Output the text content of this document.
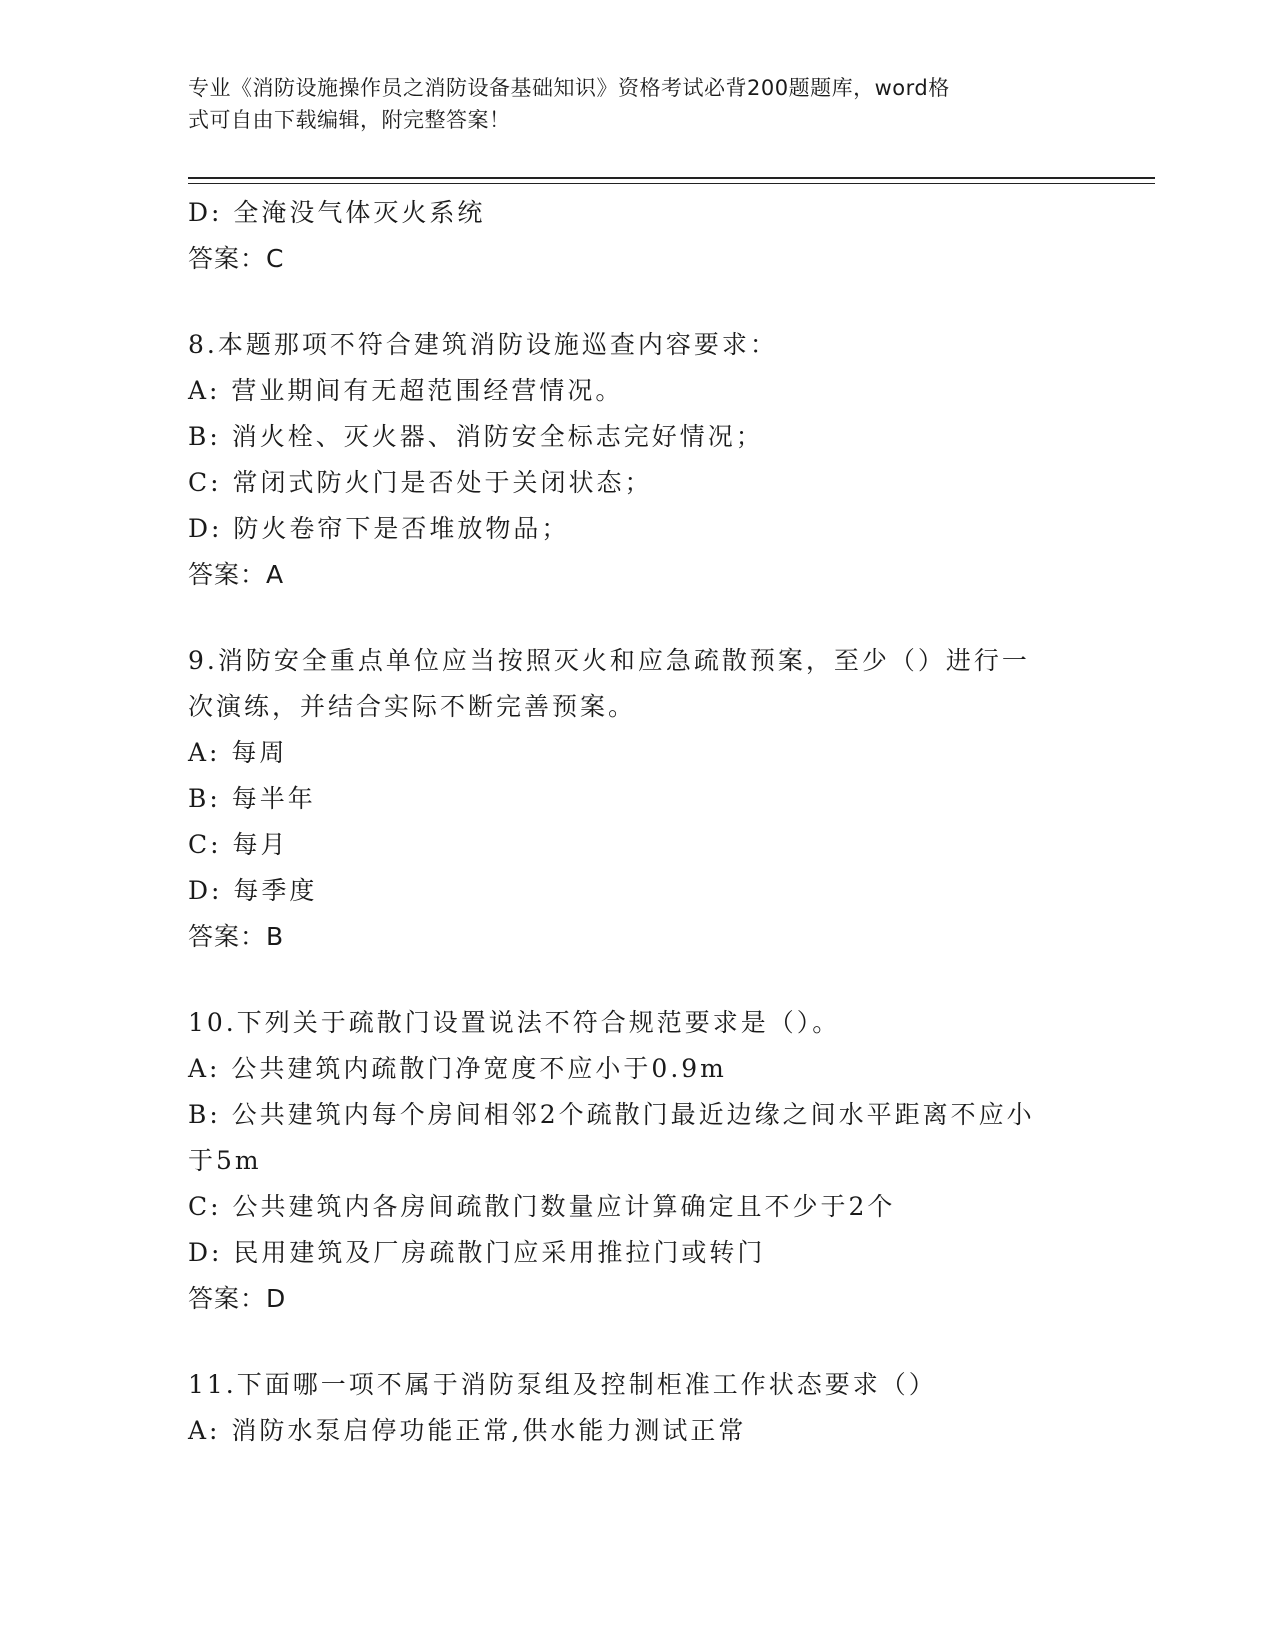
专业《消防设施操作员之消防设备基础知识》资格考试必背200题题库，word格
式可自由下载编辑，附完整答案！
D: 全淹没气体灭火系统
答案：C
8.本题那项不符合建筑消防设施巡查内容要求：
A: 营业期间有无超范围经营情况。
B: 消火栓、灭火器、消防安全标志完好情况；
C: 常闭式防火门是否处于关闭状态；
D: 防火卷帘下是否堆放物品；
答案：A
9.消防安全重点单位应当按照灭火和应急疏散预案，至少（）进行一
次演练，并结合实际不断完善预案。
A: 每周
B: 每半年
C: 每月
D: 每季度
答案：B
10.下列关于疏散门设置说法不符合规范要求是（）。
A: 公共建筑内疏散门净宽度不应小于0.9m
B: 公共建筑内每个房间相邻2个疏散门最近边缘之间水平距离不应小
于5m
C: 公共建筑内各房间疏散门数量应计算确定且不少于2个
D: 民用建筑及厂房疏散门应采用推拉门或转门
答案：D
11.下面哪一项不属于消防泵组及控制柜准工作状态要求（）
A: 消防水泵启停功能正常,供水能力测试正常
